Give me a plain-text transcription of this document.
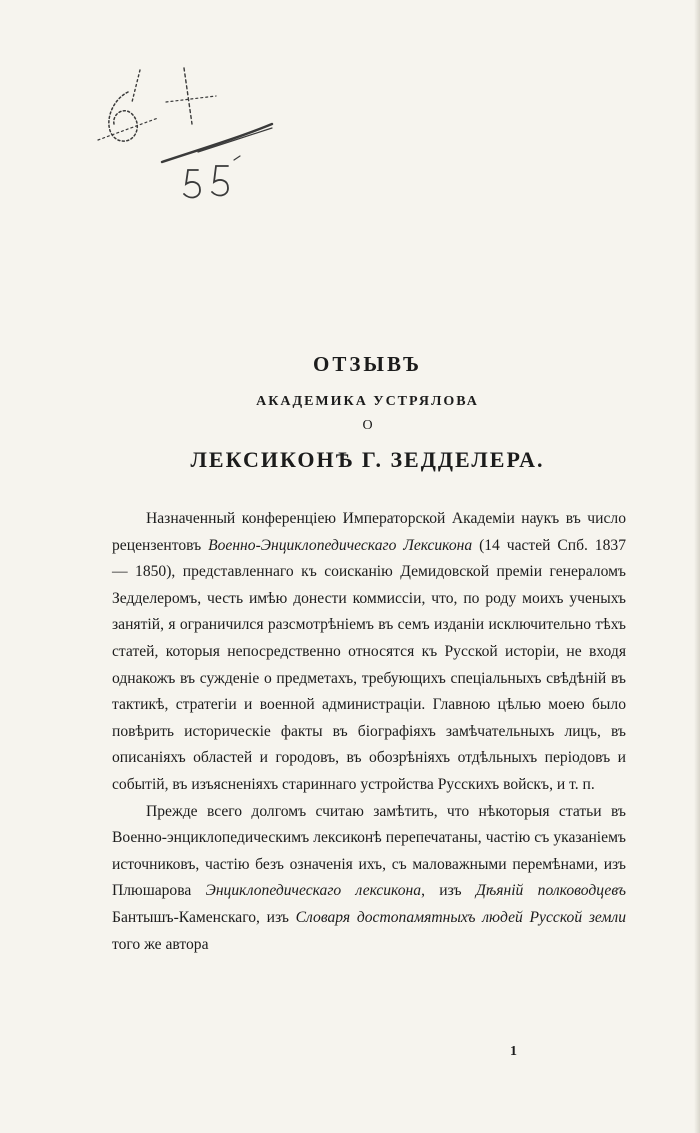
ОТЗЫВЪ
АКАДЕМИКА УСТРЯЛОВА
О
ЛЕКСИКОНѢ Г. ЗЕДДЕЛЕРА.

Назначенный конференціею Императорской Академіи наукъ въ число рецензентовъ Военно-Энциклопедическаго Лексикона (14 частей Спб. 1837 — 1850), представленнаго къ соисканію Демидовской преміи генераломъ Зедделеромъ, честь имѣю донести коммиссіи, что, по роду моихъ ученыхъ занятій, я ограничился разсмотрѣніемъ въ семъ изданіи исключительно тѣхъ статей, которыя непосредственно относятся къ Русской исторіи, не входя однакожъ въ сужденіе о предметахъ, требующихъ спеціальныхъ свѣдѣній въ тактикѣ, стратегіи и военной администраціи. Главною цѣлью моею было повѣрить историческіе факты въ біографіяхъ замѣчательныхъ лицъ, въ описаніяхъ областей и городовъ, въ обозрѣніяхъ отдѣльныхъ періодовъ и событій, въ изъясненіяхъ стариннаго устройства Русскихъ войскъ, и т. п.

Прежде всего долгомъ считаю замѣтить, что нѣкоторыя статьи въ Военно-энциклопедическимъ лексиконѣ перепечатаны, частію съ указаніемъ источниковъ, частію безъ означенія ихъ, съ маловажными перемѣнами, изъ Плюшарова Энциклопедическаго лексикона, изъ Дѣяній полководцевъ Бантышъ-Каменскаго, изъ Словаря достопамятныхъ людей Русской земли того же автора

1
